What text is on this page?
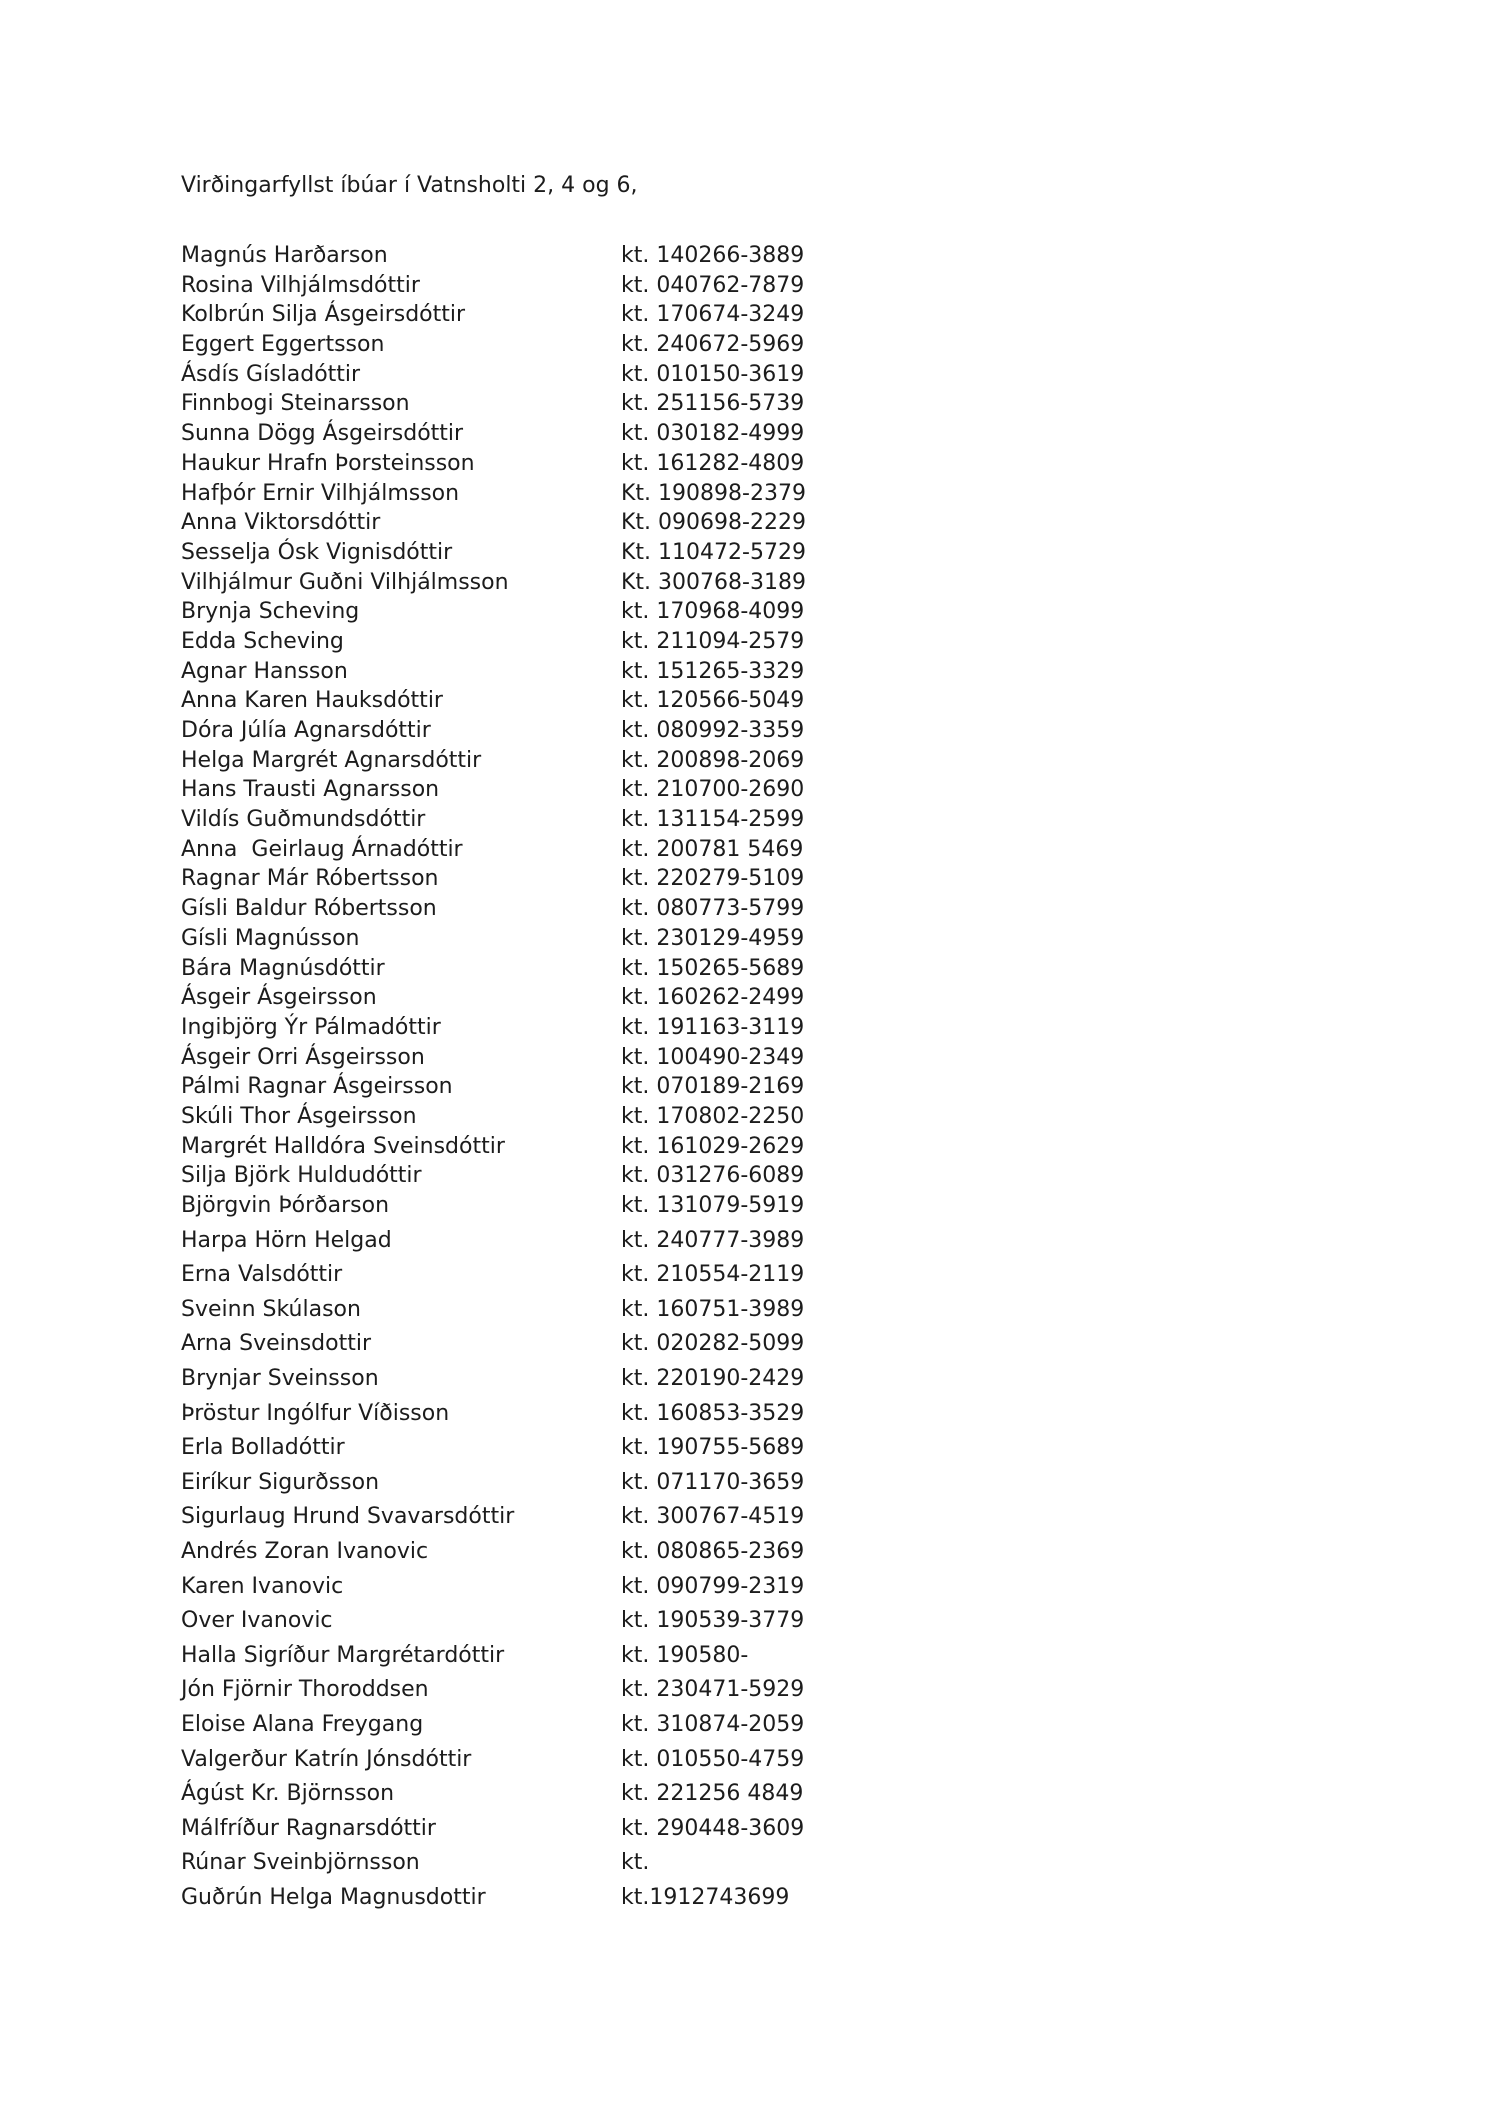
Virðingarfyllst íbúar í Vatnsholti 2, 4 og 6,
Magnús Harðarson	kt. 140266-3889
Rosina Vilhjálmsdóttir	kt. 040762-7879
Kolbrún Silja Ásgeirsdóttir	kt. 170674-3249
Eggert Eggertsson	kt. 240672-5969
Ásdís Gísladóttir	kt. 010150-3619
Finnbogi Steinarsson	kt. 251156-5739
Sunna Dögg Ásgeirsdóttir	kt. 030182-4999
Haukur Hrafn Þorsteinsson	kt. 161282-4809
Hafþór Ernir Vilhjálmsson	Kt. 190898-2379
Anna Viktorsdóttir	Kt. 090698-2229
Sesselja Ósk Vignisdóttir	Kt. 110472-5729
Vilhjálmur Guðni Vilhjálmsson	Kt. 300768-3189
Brynja Scheving	kt. 170968-4099
Edda Scheving	kt. 211094-2579
Agnar Hansson	kt. 151265-3329
Anna Karen Hauksdóttir	kt. 120566-5049
Dóra Júlía Agnarsdóttir	kt. 080992-3359
Helga Margrét Agnarsdóttir	kt. 200898-2069
Hans Trausti Agnarsson	kt. 210700-2690
Vildís Guðmundsdóttir	kt. 131154-2599
Anna  Geirlaug Árnadóttir	kt. 200781 5469
Ragnar Már Róbertsson	kt. 220279-5109
Gísli Baldur Róbertsson	kt. 080773-5799
Gísli Magnússon	kt. 230129-4959
Bára Magnúsdóttir	kt. 150265-5689
Ásgeir Ásgeirsson	kt. 160262-2499
Ingibjörg Ýr Pálmadóttir	kt. 191163-3119
Ásgeir Orri Ásgeirsson	kt. 100490-2349
Pálmi Ragnar Ásgeirsson	kt. 070189-2169
Skúli Thor Ásgeirsson	kt. 170802-2250
Margrét Halldóra Sveinsdóttir	kt. 161029-2629
Silja Björk Huldudóttir	kt. 031276-6089
Björgvin Þórðarson	kt. 131079-5919
Harpa Hörn Helgad	kt. 240777-3989
Erna Valsdóttir	kt. 210554-2119
Sveinn Skúlason	kt. 160751-3989
Arna Sveinsdottir	kt. 020282-5099
Brynjar Sveinsson	kt. 220190-2429
Þröstur Ingólfur Víðisson	kt. 160853-3529
Erla Bolladóttir	kt. 190755-5689
Eiríkur Sigurðsson	kt. 071170-3659
Sigurlaug Hrund Svavarsdóttir	kt. 300767-4519
Andrés Zoran Ivanovic	kt. 080865-2369
Karen Ivanovic	kt. 090799-2319
Over Ivanovic	kt. 190539-3779
Halla Sigríður Margrétardóttir	kt. 190580-
Jón Fjörnir Thoroddsen	kt. 230471-5929
Eloise Alana Freygang	kt. 310874-2059
Valgerður Katrín Jónsdóttir	kt. 010550-4759
Ágúst Kr. Björnsson	kt. 221256 4849
Málfríður Ragnarsdóttir	kt. 290448-3609
Rúnar Sveinbjörnsson	kt.
Guðrún Helga Magnusdottir	kt.1912743699
